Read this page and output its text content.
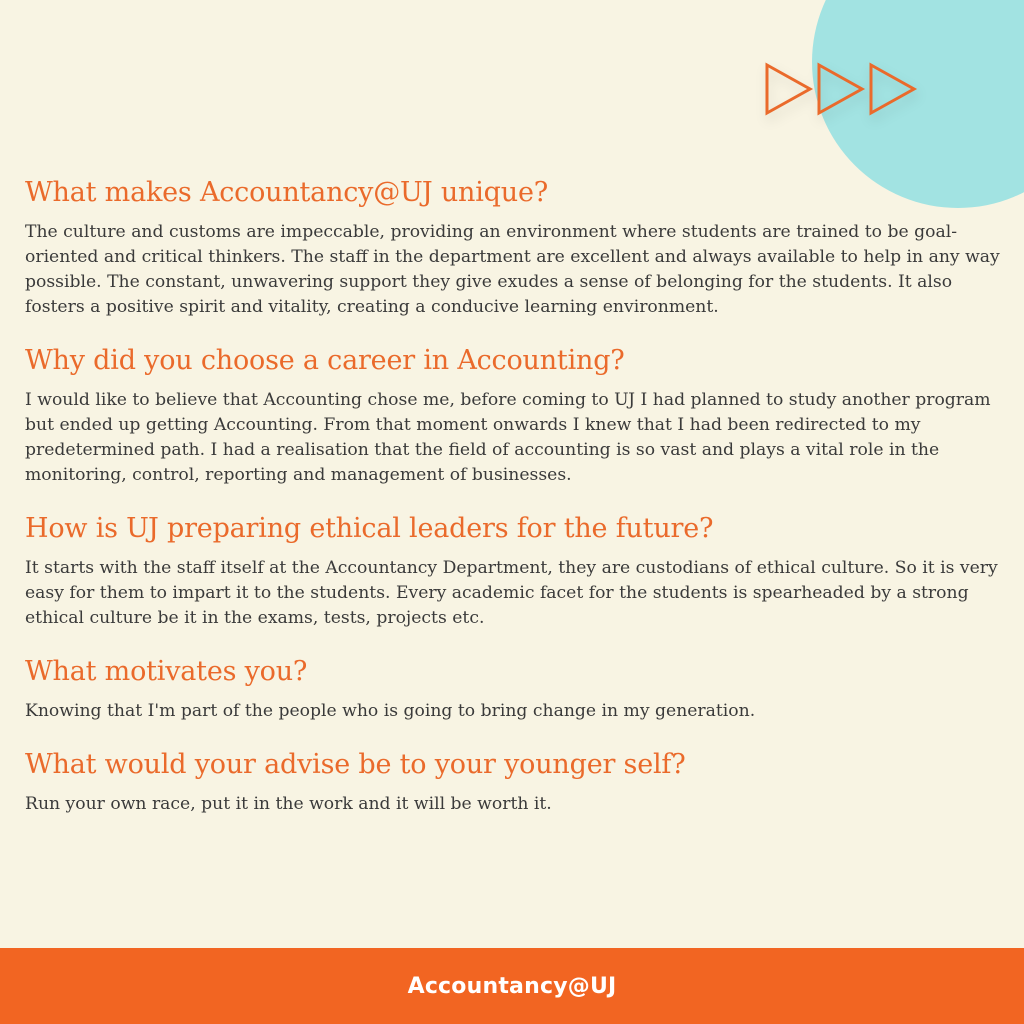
What makes Accountancy@UJ unique?

The culture and customs are impeccable, providing an environment where students are trained to be goal-oriented and critical thinkers. The staff in the department are excellent and always available to help in any way possible. The constant, unwavering support they give exudes a sense of belonging for the students. It also fosters a positive spirit and vitality, creating a conducive learning environment.

Why did you choose a career in Accounting?

I would like to believe that Accounting chose me, before coming to UJ I had planned to study another program but ended up getting Accounting. From that moment onwards I knew that I had been redirected to my predetermined path. I had a realisation that the field of accounting is so vast and plays a vital role in the monitoring, control, reporting and management of businesses.

How is UJ preparing ethical leaders for the future?

It starts with the staff itself at the Accountancy Department, they are custodians of ethical culture. So it is very easy for them to impart it to the students. Every academic facet for the students is spearheaded by a strong ethical culture be it in the exams, tests, projects etc.

What motivates you?

Knowing that I'm part of the people who is going to bring change in my generation.

What would your advise be to your younger self?

Run your own race, put it in the work and it will be worth it.

Accountancy@UJ
